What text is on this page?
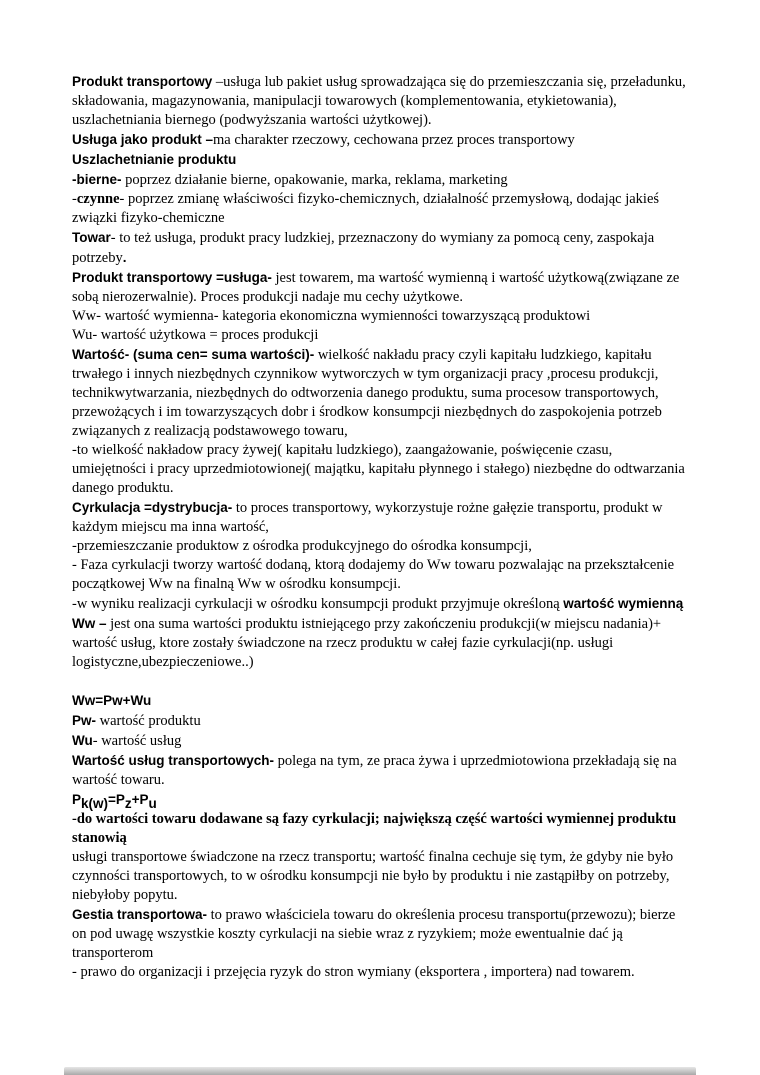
Produkt transportowy –usługa lub pakiet usług sprowadzająca się do przemieszczania się, przeładunku, składowania, magazynowania, manipulacji towarowych (komplementowania, etykietowania), uszlachetniania biernego (podwyższania wartości użytkowej).

Usługa jako produkt –ma charakter rzeczowy, cechowana przez proces transportowy

Uszlachetnianie produktu

-bierne- poprzez działanie bierne, opakowanie, marka, reklama, marketing

-czynne- poprzez zmianę właściwości fizyko-chemicznych, działalność przemysłową, dodając jakieś związki fizyko-chemiczne

Towar- to też usługa, produkt pracy ludzkiej, przeznaczony do wymiany za pomocą ceny, zaspokaja potrzeby.

Produkt transportowy =usługa- jest towarem, ma wartość wymienną i wartość użytkową(związane ze sobą nierozerwalnie). Proces produkcji nadaje mu cechy użytkowe.

Ww- wartość wymienna- kategoria ekonomiczna wymienności towarzyszącą produktowi

Wu- wartość użytkowa = proces produkcji

Wartość- (suma cen= suma wartości)- wielkość nakładu pracy czyli kapitału ludzkiego, kapitału trwałego i innych niezbędnych czynnikow wytworczych w tym organizacji pracy ,procesu produkcji, technikwytwarzania, niezbędnych do odtworzenia danego produktu, suma procesow transportowych, przewożących i im towarzyszących dobr i środkow konsumpcji niezbędnych do zaspokojenia potrzeb związanych z realizacją podstawowego towaru,

-to wielkość nakładow pracy żywej( kapitału ludzkiego), zaangażowanie, poświęcenie czasu, umiejętności i pracy uprzedmiotowionej( majątku, kapitału płynnego i stałego) niezbędne do odtwarzania danego produktu.

Cyrkulacja =dystrybucja- to proces transportowy, wykorzystuje rożne gałęzie transportu, produkt w każdym miejscu ma inna wartość,

-przemieszczanie produktow z ośrodka produkcyjnego do ośrodka konsumpcji,

- Faza cyrkulacji tworzy wartość dodaną, ktorą dodajemy do Ww towaru pozwalając na przekształcenie początkowej Ww na finalną Ww w ośrodku konsumpcji.

-w wyniku realizacji cyrkulacji w ośrodku konsumpcji produkt przyjmuje określoną wartość wymienną

Ww – jest ona suma wartości produktu istniejącego przy zakończeniu produkcji(w miejscu nadania)+ wartość usług, ktore zostały świadczone na rzecz produktu w całej fazie cyrkulacji(np. usługi logistyczne,ubezpieczeniowe..)

Ww=Pw+Wu

Pw- wartość produktu

Wu- wartość usług

Wartość usług transportowych- polega na tym, ze praca żywa i uprzedmiotowiona przekładają się na wartość towaru.

$P_{k(w)}=P_z+P_u$

-do wartości towaru dodawane są fazy cyrkulacji; największą część wartości wymiennej produktu stanowią

usługi transportowe świadczone na rzecz transportu; wartość finalna cechuje się tym, że gdyby nie było czynności transportowych, to w ośrodku konsumpcji nie było by produktu i nie zastąpiłby on potrzeby, niebyłoby popytu.

Gestia transportowa- to prawo właściciela towaru do określenia procesu transportu(przewozu); bierze on pod uwagę wszystkie koszty cyrkulacji na siebie wraz z ryzykiem; może ewentualnie dać ją transporterom

- prawo do organizacji i przejęcia ryzyk do stron wymiany (eksportera , importera) nad towarem.
